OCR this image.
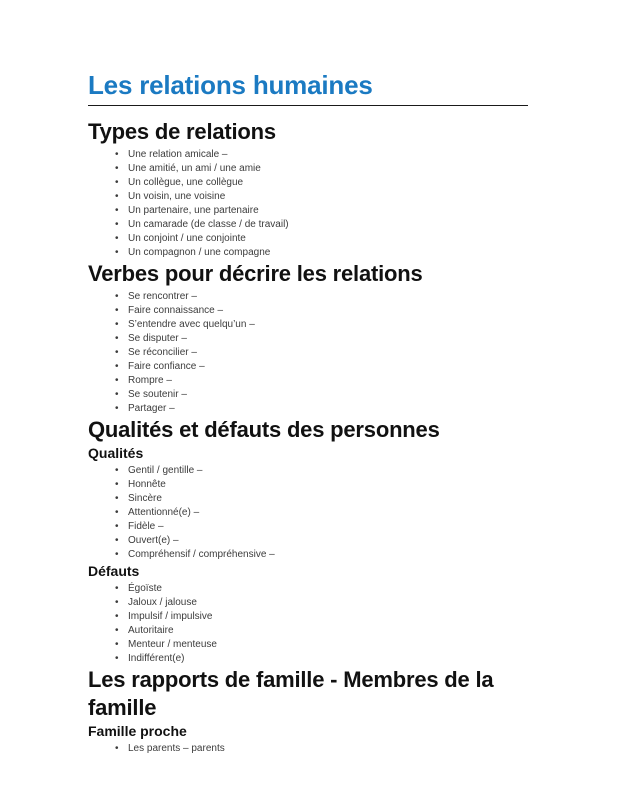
Les relations humaines
Types de relations
• Une relation amicale –
• Une amitié, un ami / une amie
• Un collègue, une collègue
• Un voisin, une voisine
• Un partenaire, une partenaire
• Un camarade (de classe / de travail)
• Un conjoint / une conjointe
• Un compagnon / une compagne
Verbes pour décrire les relations
• Se rencontrer –
• Faire connaissance –
• S’entendre avec quelqu’un –
• Se disputer –
• Se réconcilier –
• Faire confiance –
• Rompre –
• Se soutenir –
• Partager –
Qualités et défauts des personnes
Qualités
• Gentil / gentille –
• Honnête
• Sincère
• Attentionné(e) –
• Fidèle –
• Ouvert(e) –
• Compréhensif / compréhensive –
Défauts
• Égoïste
• Jaloux / jalouse
• Impulsif / impulsive
• Autoritaire
• Menteur / menteuse
• Indifférent(e)
Les rapports de famille - Membres de la famille
Famille proche
• Les parents – parents
